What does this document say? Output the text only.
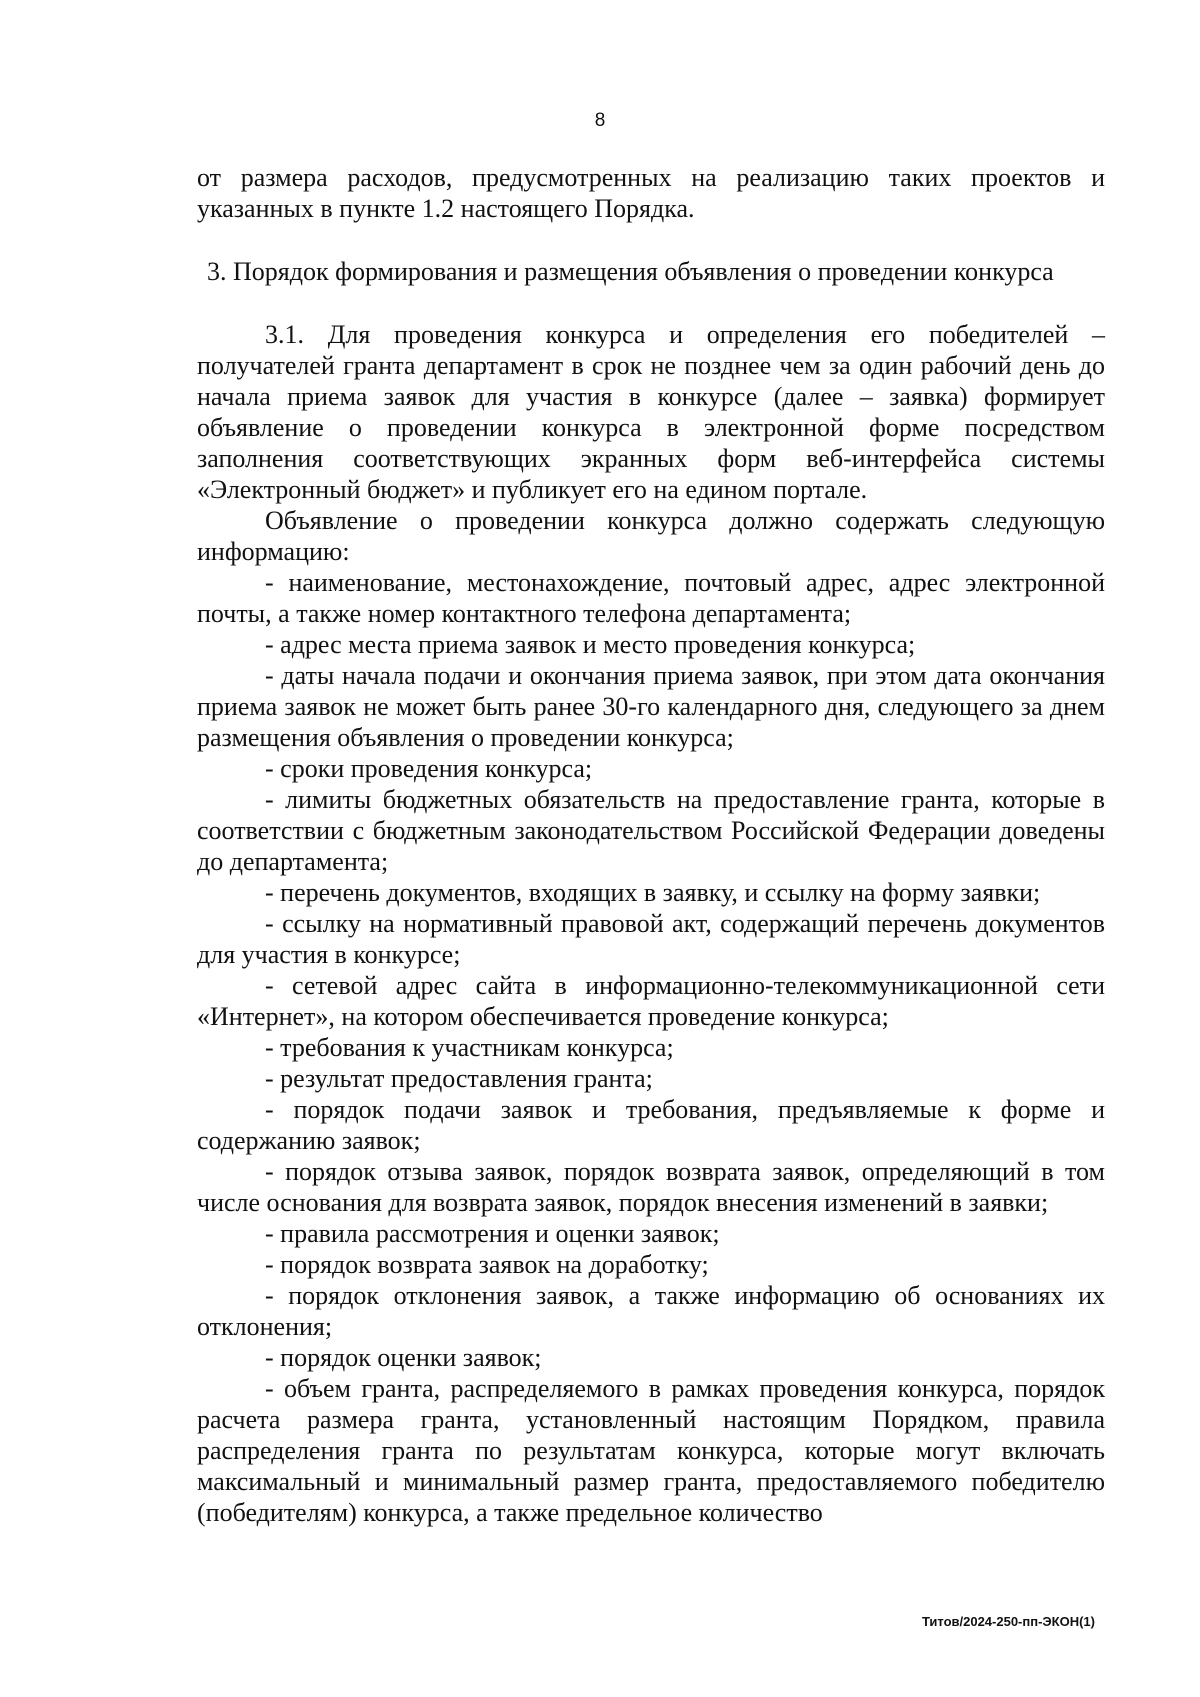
8

от размера расходов, предусмотренных на реализацию таких проектов и указанных в пункте 1.2 настоящего Порядка.

3. Порядок формирования и размещения объявления о проведении конкурса

3.1. Для проведения конкурса и определения его победителей – получателей гранта департамент в срок не позднее чем за один рабочий день до начала приема заявок для участия в конкурсе (далее – заявка) формирует объявление о проведении конкурса в электронной форме посредством заполнения соответствующих экранных форм веб-интерфейса системы «Электронный бюджет» и публикует его на едином портале.

Объявление о проведении конкурса должно содержать следующую информацию:

- наименование, местонахождение, почтовый адрес, адрес электронной почты, а также номер контактного телефона департамента;

- адрес места приема заявок и место проведения конкурса;

- даты начала подачи и окончания приема заявок, при этом дата окончания приема заявок не может быть ранее 30-го календарного дня, следующего за днем размещения объявления о проведении конкурса;

- сроки проведения конкурса;

- лимиты бюджетных обязательств на предоставление гранта, которые в соответствии с бюджетным законодательством Российской Федерации доведены до департамента;

- перечень документов, входящих в заявку, и ссылку на форму заявки;

- ссылку на нормативный правовой акт, содержащий перечень документов для участия в конкурсе;

- сетевой адрес сайта в информационно-телекоммуникационной сети «Интернет», на котором обеспечивается проведение конкурса;

- требования к участникам конкурса;

- результат предоставления гранта;

- порядок подачи заявок и требования, предъявляемые к форме и содержанию заявок;

- порядок отзыва заявок, порядок возврата заявок, определяющий в том числе основания для возврата заявок, порядок внесения изменений в заявки;

- правила рассмотрения и оценки заявок;

- порядок возврата заявок на доработку;

- порядок отклонения заявок, а также информацию об основаниях их отклонения;

- порядок оценки заявок;

- объем гранта, распределяемого в рамках проведения конкурса, порядок расчета размера гранта, установленный настоящим Порядком, правила распределения гранта по результатам конкурса, которые могут включать максимальный и минимальный размер гранта, предоставляемого победителю (победителям) конкурса, а также предельное количество

Титов/2024-250-пп-ЭКОН(1)
